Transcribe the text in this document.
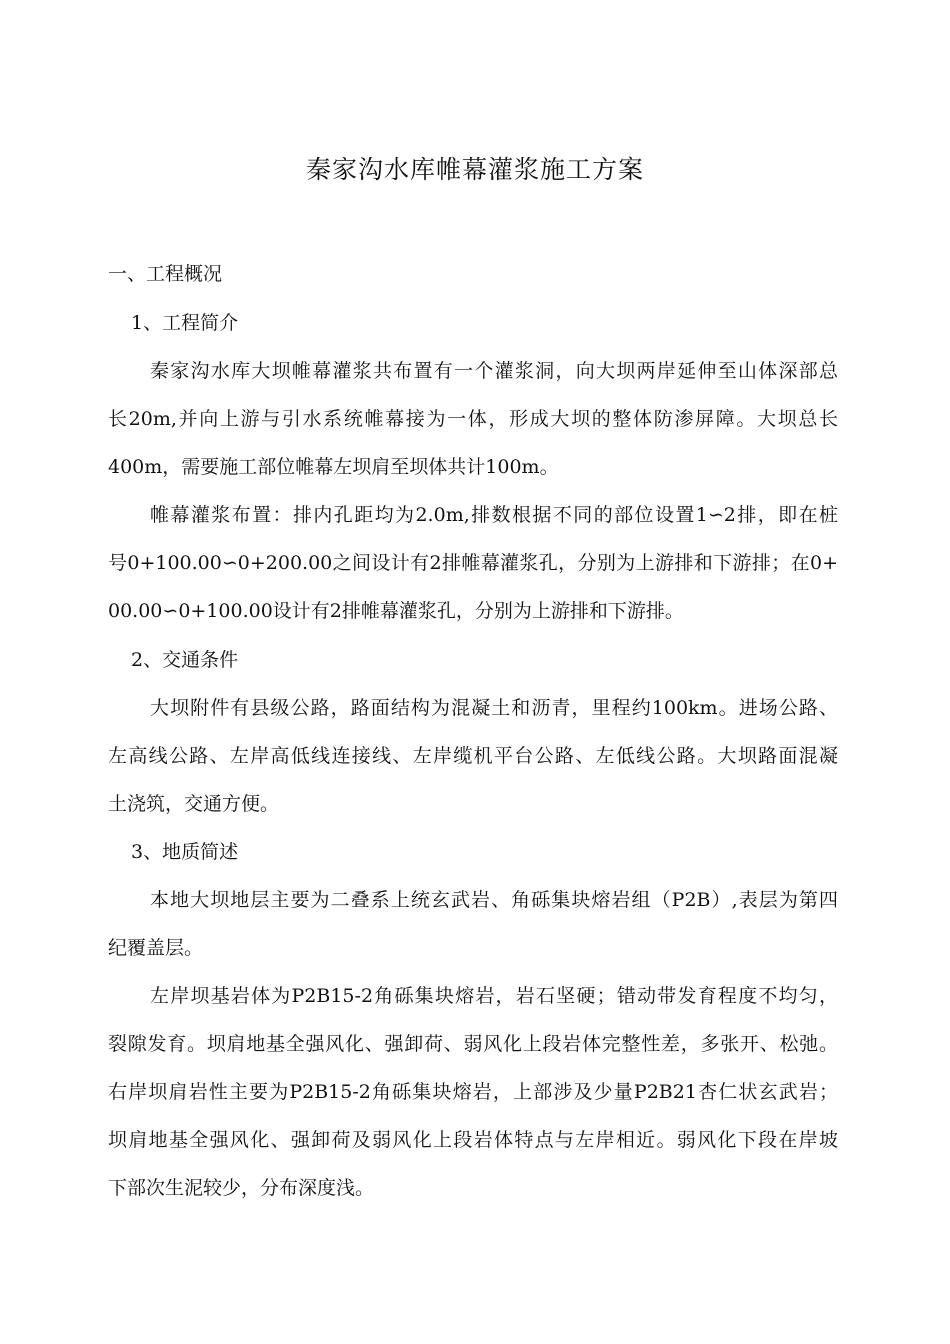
秦家沟水库帷幕灌浆施工方案
一、工程概况
1、工程简介
秦家沟水库大坝帷幕灌浆共布置有一个灌浆洞，向大坝两岸延伸至山体深部总
长20m,并向上游与引水系统帷幕接为一体，形成大坝的整体防渗屏障。大坝总长
400m，需要施工部位帷幕左坝肩至坝体共计100m。
帷幕灌浆布置：排内孔距均为2.0m,排数根据不同的部位设置1∽2排，即在桩
号0+100.00∽0+200.00之间设计有2排帷幕灌浆孔，分别为上游排和下游排；在0+
00.00∽0+100.00设计有2排帷幕灌浆孔，分别为上游排和下游排。
2、交通条件
大坝附件有县级公路，路面结构为混凝土和沥青，里程约100km。进场公路、
左高线公路、左岸高低线连接线、左岸缆机平台公路、左低线公路。大坝路面混凝
土浇筑，交通方便。
3、地质简述
本地大坝地层主要为二叠系上统玄武岩、角砾集块熔岩组（P2B）,表层为第四
纪覆盖层。
左岸坝基岩体为P2B15-2角砾集块熔岩，岩石坚硬；错动带发育程度不均匀，
裂隙发育。坝肩地基全强风化、强卸荷、弱风化上段岩体完整性差，多张开、松弛。
右岸坝肩岩性主要为P2B15-2角砾集块熔岩，上部涉及少量P2B21杏仁状玄武岩；
坝肩地基全强风化、强卸荷及弱风化上段岩体特点与左岸相近。弱风化下段在岸坡
下部次生泥较少，分布深度浅。
